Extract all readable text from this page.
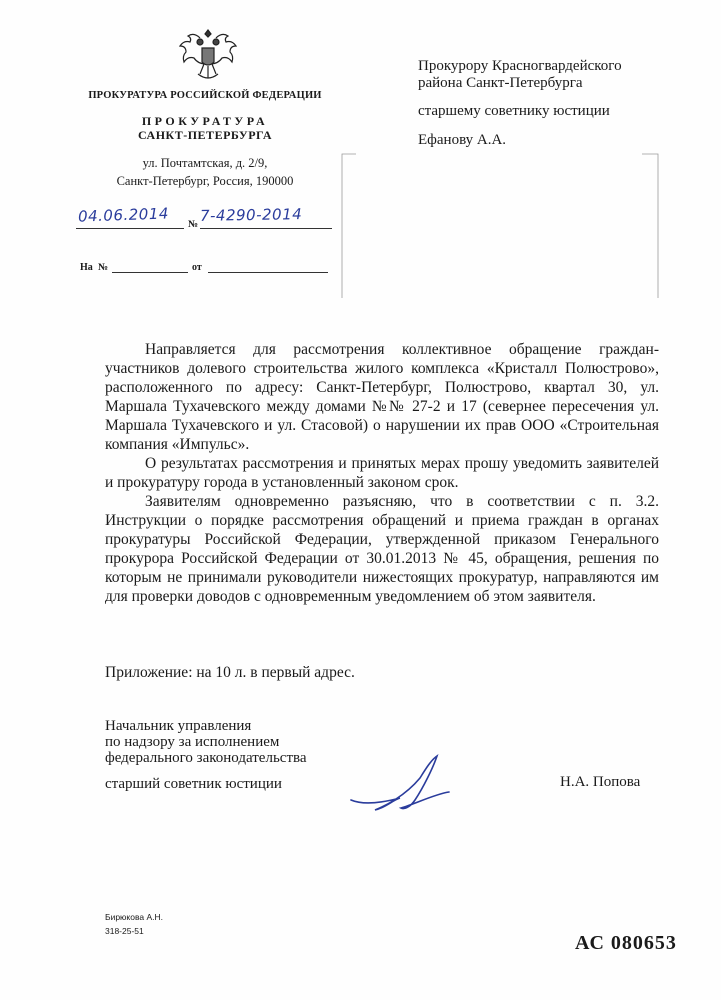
ПРОКУРАТУРА РОССИЙСКОЙ ФЕДЕРАЦИИ
ПРОКУРАТУРА
САНКТ-ПЕТЕРБУРГА
ул. Почтамтская, д. 2/9,
Санкт-Петербург, Россия, 190000
04.06.2014 № 7-4290-2014
На №	от
Прокурору Красногвардейского
района Санкт-Петербурга
старшему советнику юстиции
Ефанову А.А.

Направляется для рассмотрения коллективное обращение граждан-участников долевого строительства жилого комплекса «Кристалл Полюстрово», расположенного по адресу: Санкт-Петербург, Полюстрово, квартал 30, ул. Маршала Тухачевского между домами №№ 27-2 и 17 (севернее пересечения ул. Маршала Тухачевского и ул. Стасовой) о нарушении их прав ООО «Строительная компания «Импульс».

О результатах рассмотрения и принятых мерах прошу уведомить заявителей и прокуратуру города в установленный законом срок.

Заявителям одновременно разъясняю, что в соответствии с п. 3.2. Инструкции о порядке рассмотрения обращений и приема граждан в органах прокуратуры Российской Федерации, утвержденной приказом Генерального прокурора Российской Федерации от 30.01.2013 № 45, обращения, решения по которым не принимали руководители нижестоящих прокуратур, направляются им для проверки доводов с одновременным уведомлением об этом заявителя.

Приложение: на 10 л. в первый адрес.
Начальник управления
по надзору за исполнением
федерального законодательства
старший советник юстиции	Н.А. Попова
Бирюкова А.Н.
318-25-51
АС 080653
